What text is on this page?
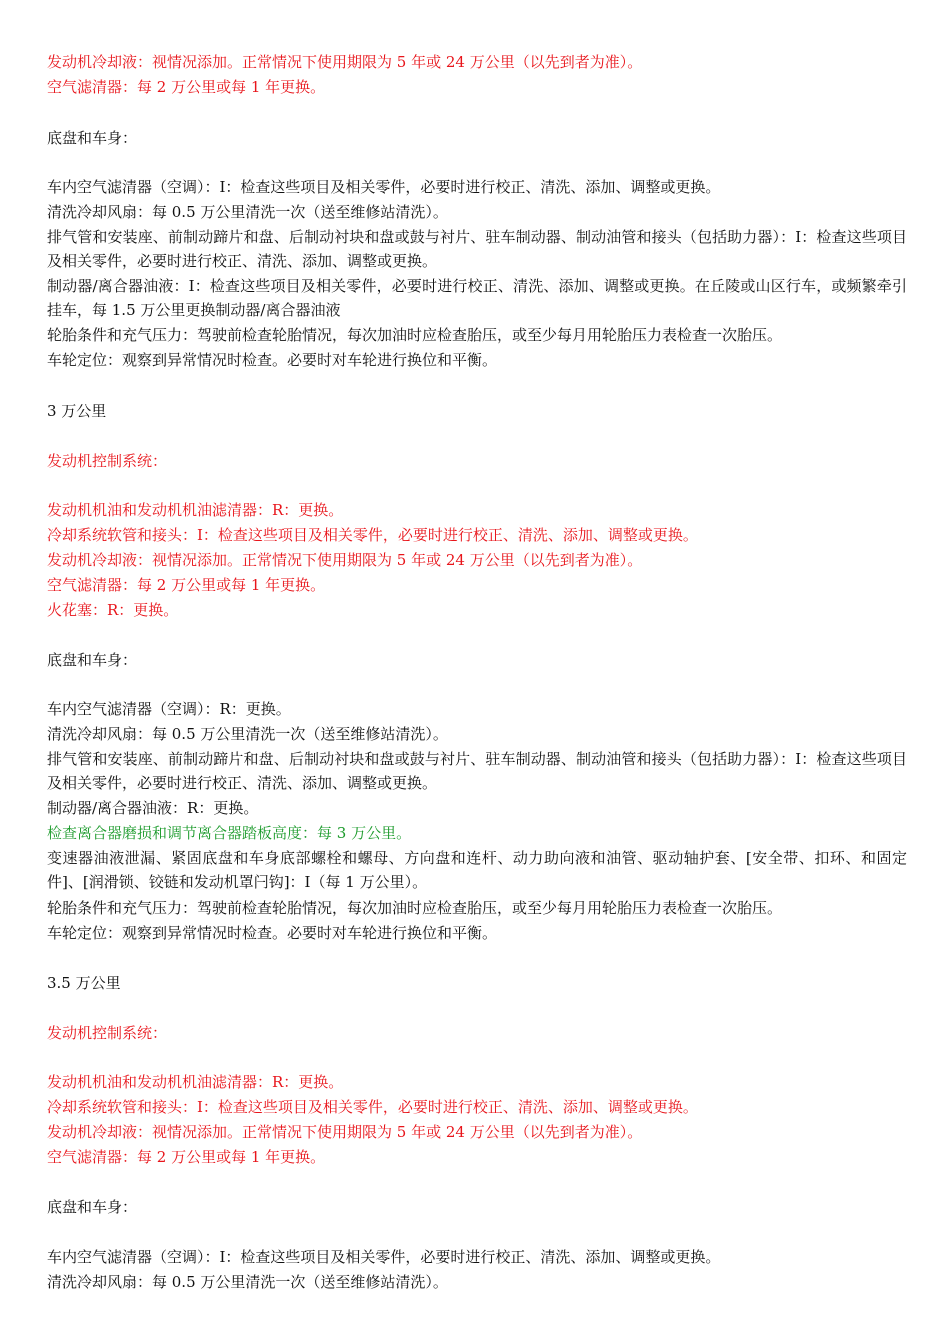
发动机冷却液：视情况添加。正常情况下使用期限为 5 年或 24 万公里（以先到者为准）。
空气滤清器：每 2 万公里或每 1 年更换。
底盘和车身：
车内空气滤清器（空调）：I：检查这些项目及相关零件，必要时进行校正、清洗、添加、调整或更换。
清洗冷却风扇：每 0.5 万公里清洗一次（送至维修站清洗）。
排气管和安装座、前制动蹄片和盘、后制动衬块和盘或鼓与衬片、驻车制动器、制动油管和接头（包括助力器）：I：检查这些项目及相关零件，必要时进行校正、清洗、添加、调整或更换。
制动器/离合器油液：I：检查这些项目及相关零件，必要时进行校正、清洗、添加、调整或更换。在丘陵或山区行车，或频繁牵引挂车，每 1.5 万公里更换制动器/离合器油液
轮胎条件和充气压力：驾驶前检查轮胎情况，每次加油时应检查胎压，或至少每月用轮胎压力表检查一次胎压。
车轮定位：观察到异常情况时检查。必要时对车轮进行换位和平衡。
3 万公里
发动机控制系统：
发动机机油和发动机机油滤清器：R：更换。
冷却系统软管和接头：I：检查这些项目及相关零件，必要时进行校正、清洗、添加、调整或更换。
发动机冷却液：视情况添加。正常情况下使用期限为 5 年或 24 万公里（以先到者为准）。
空气滤清器：每 2 万公里或每 1 年更换。
火花塞：R：更换。
底盘和车身：
车内空气滤清器（空调）：R：更换。
清洗冷却风扇：每 0.5 万公里清洗一次（送至维修站清洗）。
排气管和安装座、前制动蹄片和盘、后制动衬块和盘或鼓与衬片、驻车制动器、制动油管和接头（包括助力器）：I：检查这些项目及相关零件，必要时进行校正、清洗、添加、调整或更换。
制动器/离合器油液：R：更换。
检查离合器磨损和调节离合器踏板高度：每 3 万公里。
变速器油液泄漏、紧固底盘和车身底部螺栓和螺母、方向盘和连杆、动力助向液和油管、驱动轴护套、[安全带、扣环、和固定件]、[润滑锁、铰链和发动机罩闩钩]：I（每 1 万公里）。
轮胎条件和充气压力：驾驶前检查轮胎情况，每次加油时应检查胎压，或至少每月用轮胎压力表检查一次胎压。
车轮定位：观察到异常情况时检查。必要时对车轮进行换位和平衡。
3.5 万公里
发动机控制系统：
发动机机油和发动机机油滤清器：R：更换。
冷却系统软管和接头：I：检查这些项目及相关零件，必要时进行校正、清洗、添加、调整或更换。
发动机冷却液：视情况添加。正常情况下使用期限为 5 年或 24 万公里（以先到者为准）。
空气滤清器：每 2 万公里或每 1 年更换。
底盘和车身：
车内空气滤清器（空调）：I：检查这些项目及相关零件，必要时进行校正、清洗、添加、调整或更换。
清洗冷却风扇：每 0.5 万公里清洗一次（送至维修站清洗）。
